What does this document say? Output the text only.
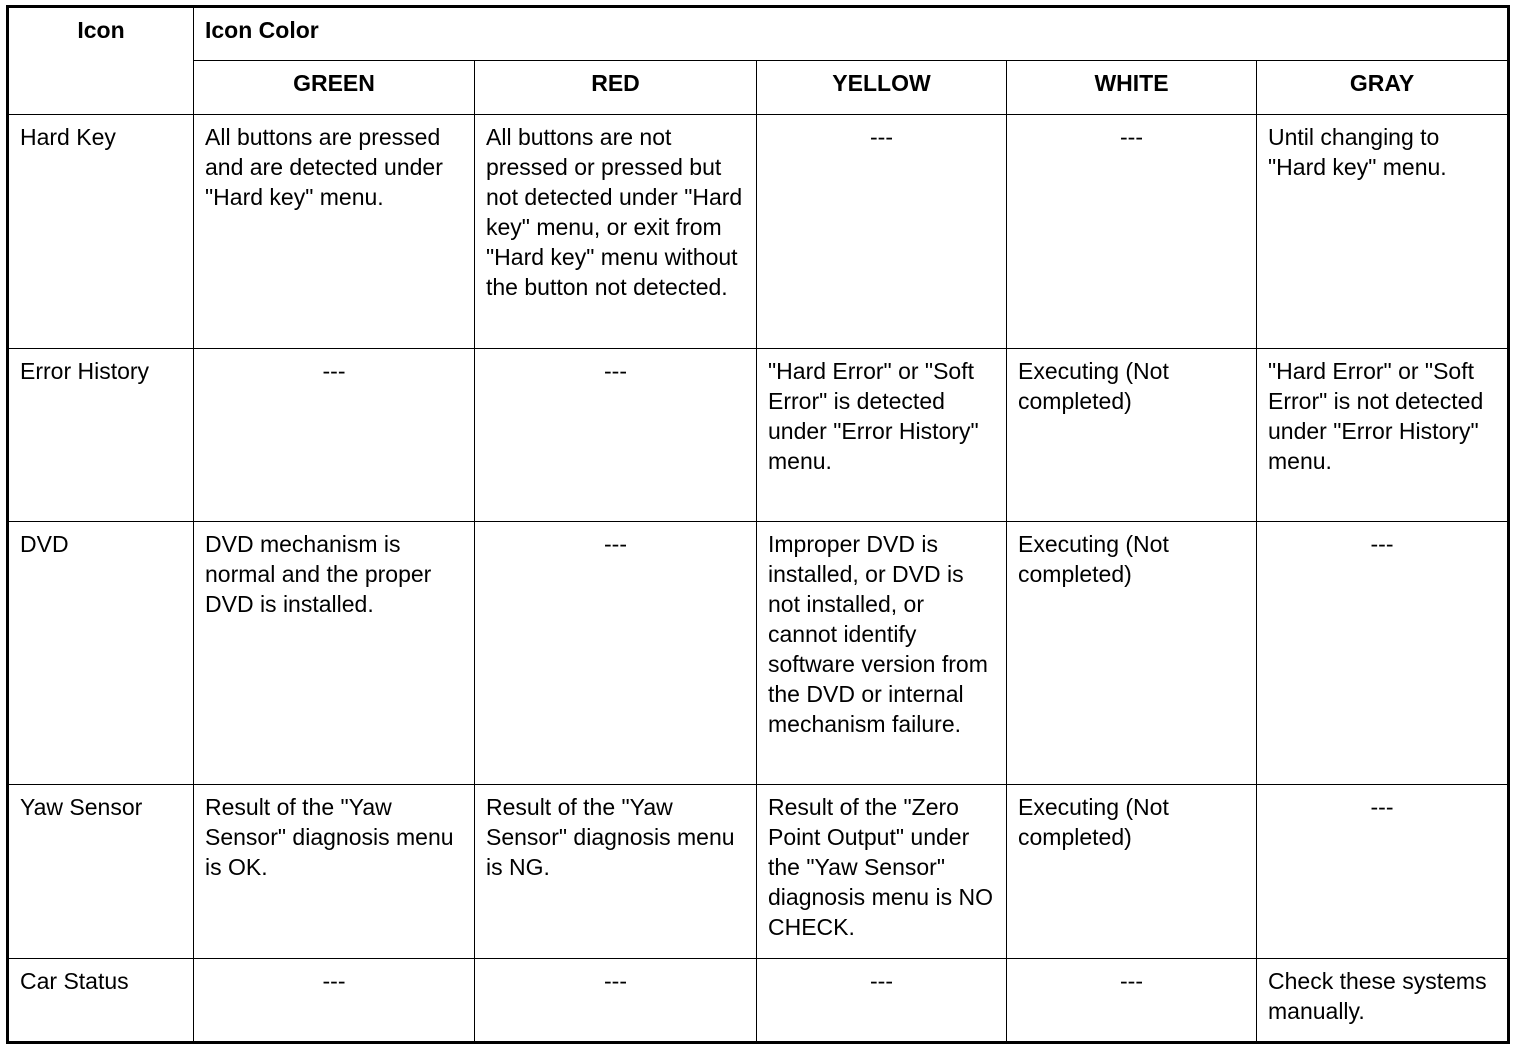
Icon	Icon Color				
	GREEN	RED	YELLOW	WHITE	GRAY
Hard Key	All buttons are pressed and are detected under "Hard key" menu.	All buttons are not pressed or pressed but not detected under "Hard key" menu, or exit from "Hard key" menu without the button not detected.	---	---	Until changing to "Hard key" menu.
Error History	---	---	"Hard Error" or "Soft Error" is detected under "Error History" menu.	Executing (Not completed)	"Hard Error" or "Soft Error" is not detected under "Error History" menu.
DVD	DVD mechanism is normal and the proper DVD is installed.	---	Improper DVD is installed, or DVD is not installed, or cannot identify software version from the DVD or internal mechanism failure.	Executing (Not completed)	---
Yaw Sensor	Result of the "Yaw Sensor" diagnosis menu is OK.	Result of the "Yaw Sensor" diagnosis menu is NG.	Result of the "Zero Point Output" under the "Yaw Sensor" diagnosis menu is NO CHECK.	Executing (Not completed)	---
Car Status	---	---	---	---	Check these systems manually.
